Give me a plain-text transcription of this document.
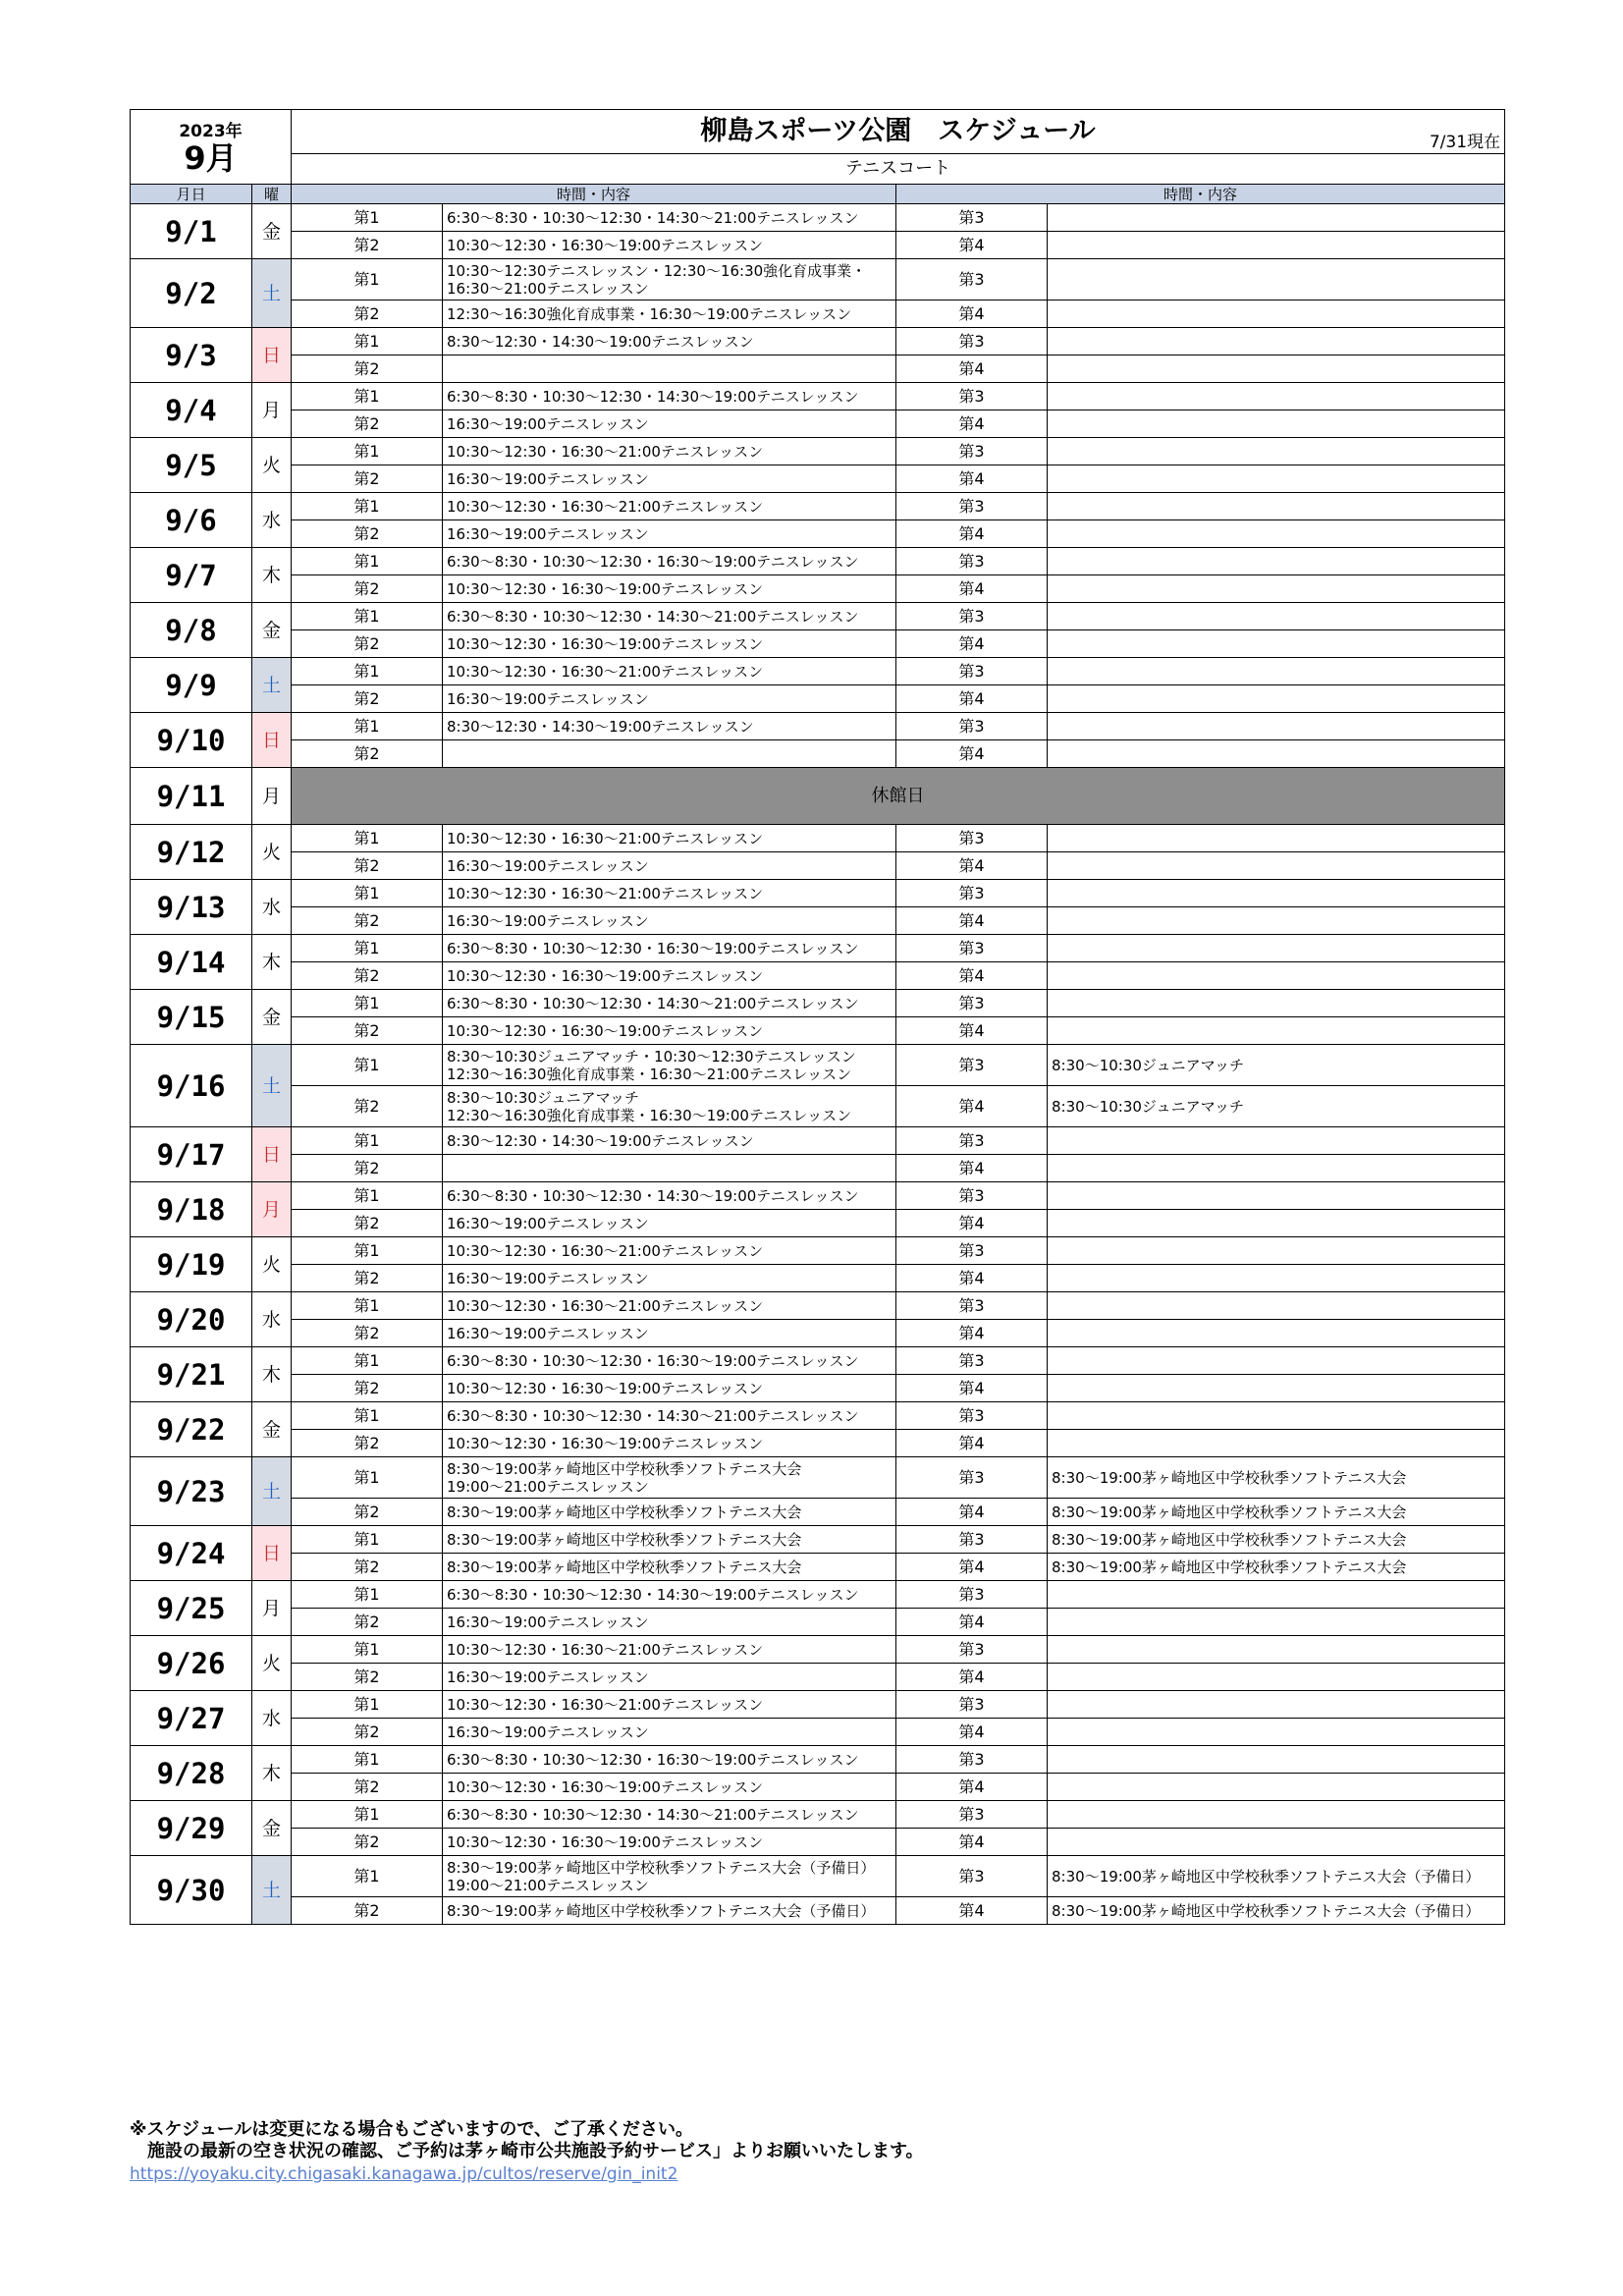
2023年
9月		柳島スポーツ公園　スケジュール 7/31現在			

		テニスコート			
月日	曜	時間・内容		時間・内容	
9/1	金	第1	6:30〜8:30・10:30〜12:30・14:30〜21:00テニスレッスン	第3	
		第2	10:30〜12:30・16:30〜19:00テニスレッスン	第4	
9/2	土	第1	10:30〜12:30テニスレッスン・12:30〜16:30強化育成事業・
16:30〜21:00テニスレッスン	第3	
		第2	12:30〜16:30強化育成事業・16:30〜19:00テニスレッスン	第4	
9/3	日	第1	8:30〜12:30・14:30〜19:00テニスレッスン	第3	
		第2		第4	
9/4	月	第1	6:30〜8:30・10:30〜12:30・14:30〜19:00テニスレッスン	第3	
		第2	16:30〜19:00テニスレッスン	第4	
9/5	火	第1	10:30〜12:30・16:30〜21:00テニスレッスン	第3	
		第2	16:30〜19:00テニスレッスン	第4	
9/6	水	第1	10:30〜12:30・16:30〜21:00テニスレッスン	第3	
		第2	16:30〜19:00テニスレッスン	第4	
9/7	木	第1	6:30〜8:30・10:30〜12:30・16:30〜19:00テニスレッスン	第3	
		第2	10:30〜12:30・16:30〜19:00テニスレッスン	第4	
9/8	金	第1	6:30〜8:30・10:30〜12:30・14:30〜21:00テニスレッスン	第3	
		第2	10:30〜12:30・16:30〜19:00テニスレッスン	第4	
9/9	土	第1	10:30〜12:30・16:30〜21:00テニスレッスン	第3	
		第2	16:30〜19:00テニスレッスン	第4	
9/10	日	第1	8:30〜12:30・14:30〜19:00テニスレッスン	第3	
		第2		第4	
9/11	月	休館日			
9/12	火	第1	10:30〜12:30・16:30〜21:00テニスレッスン	第3	
		第2	16:30〜19:00テニスレッスン	第4	
9/13	水	第1	10:30〜12:30・16:30〜21:00テニスレッスン	第3	
		第2	16:30〜19:00テニスレッスン	第4	
9/14	木	第1	6:30〜8:30・10:30〜12:30・16:30〜19:00テニスレッスン	第3	
		第2	10:30〜12:30・16:30〜19:00テニスレッスン	第4	
9/15	金	第1	6:30〜8:30・10:30〜12:30・14:30〜21:00テニスレッスン	第3	
		第2	10:30〜12:30・16:30〜19:00テニスレッスン	第4	
9/16	土	第1	8:30〜10:30ジュニアマッチ・10:30〜12:30テニスレッスン
12:30〜16:30強化育成事業・16:30〜21:00テニスレッスン	第3	8:30〜10:30ジュニアマッチ
		第2	8:30〜10:30ジュニアマッチ
12:30〜16:30強化育成事業・16:30〜19:00テニスレッスン	第4	8:30〜10:30ジュニアマッチ
9/17	日	第1	8:30〜12:30・14:30〜19:00テニスレッスン	第3	
		第2		第4	
9/18	月	第1	6:30〜8:30・10:30〜12:30・14:30〜19:00テニスレッスン	第3	
		第2	16:30〜19:00テニスレッスン	第4	
9/19	火	第1	10:30〜12:30・16:30〜21:00テニスレッスン	第3	
		第2	16:30〜19:00テニスレッスン	第4	
9/20	水	第1	10:30〜12:30・16:30〜21:00テニスレッスン	第3	
		第2	16:30〜19:00テニスレッスン	第4	
9/21	木	第1	6:30〜8:30・10:30〜12:30・16:30〜19:00テニスレッスン	第3	
		第2	10:30〜12:30・16:30〜19:00テニスレッスン	第4	
9/22	金	第1	6:30〜8:30・10:30〜12:30・14:30〜21:00テニスレッスン	第3	
		第2	10:30〜12:30・16:30〜19:00テニスレッスン	第4	
9/23	土	第1	8:30〜19:00茅ヶ崎地区中学校秋季ソフトテニス大会
19:00〜21:00テニスレッスン	第3	8:30〜19:00茅ヶ崎地区中学校秋季ソフトテニス大会
		第2	8:30〜19:00茅ヶ崎地区中学校秋季ソフトテニス大会	第4	8:30〜19:00茅ヶ崎地区中学校秋季ソフトテニス大会
9/24	日	第1	8:30〜19:00茅ヶ崎地区中学校秋季ソフトテニス大会	第3	8:30〜19:00茅ヶ崎地区中学校秋季ソフトテニス大会
		第2	8:30〜19:00茅ヶ崎地区中学校秋季ソフトテニス大会	第4	8:30〜19:00茅ヶ崎地区中学校秋季ソフトテニス大会
9/25	月	第1	6:30〜8:30・10:30〜12:30・14:30〜19:00テニスレッスン	第3	
		第2	16:30〜19:00テニスレッスン	第4	
9/26	火	第1	10:30〜12:30・16:30〜21:00テニスレッスン	第3	
		第2	16:30〜19:00テニスレッスン	第4	
9/27	水	第1	10:30〜12:30・16:30〜21:00テニスレッスン	第3	
		第2	16:30〜19:00テニスレッスン	第4	
9/28	木	第1	6:30〜8:30・10:30〜12:30・16:30〜19:00テニスレッスン	第3	
		第2	10:30〜12:30・16:30〜19:00テニスレッスン	第4	
9/29	金	第1	6:30〜8:30・10:30〜12:30・14:30〜21:00テニスレッスン	第3	
		第2	10:30〜12:30・16:30〜19:00テニスレッスン	第4	
9/30	土	第1	8:30〜19:00茅ヶ崎地区中学校秋季ソフトテニス大会（予備日）
19:00〜21:00テニスレッスン	第3	8:30〜19:00茅ヶ崎地区中学校秋季ソフトテニス大会（予備日）
		第2	8:30〜19:00茅ヶ崎地区中学校秋季ソフトテニス大会（予備日）	第4	8:30〜19:00茅ヶ崎地区中学校秋季ソフトテニス大会（予備日）
※スケジュールは変更になる場合もございますので、ご了承ください。
　施設の最新の空き状況の確認、ご予約は茅ヶ崎市公共施設予約サービス」よりお願いいたします。
https://yoyaku.city.chigasaki.kanagawa.jp/cultos/reserve/gin_init2
